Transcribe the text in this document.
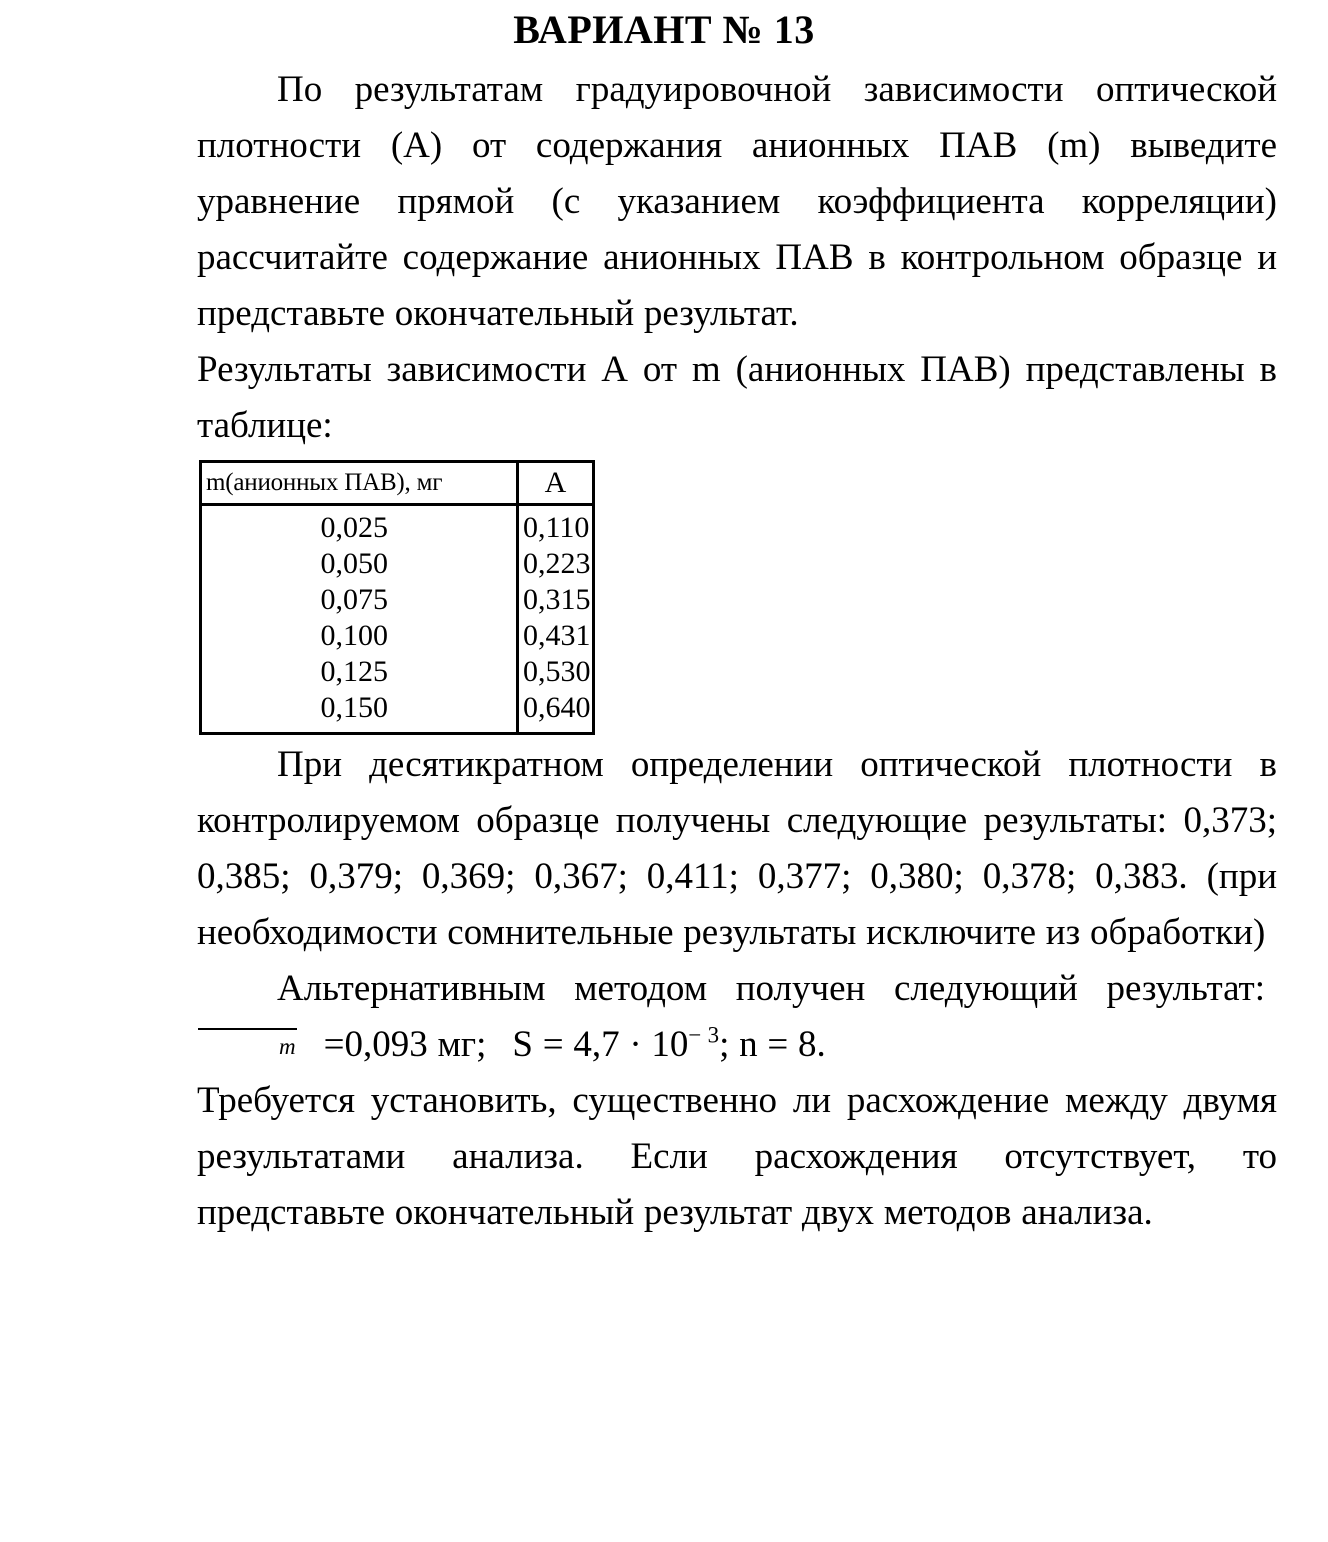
ВАРИАНТ № 13

По результатам градуировочной зависимости оптической плотности (А) от содержания анионных ПАВ (m) выведите уравнение прямой (с указанием коэффициента корреляции) рассчитайте содержание анионных ПАВ в контрольном образце и представьте окончательный результат.

Результаты зависимости А от m (анионных ПАВ) представлены в таблице:

m(анионных ПАВ), мг	А
0,025	0,110
0,050	0,223
0,075	0,315
0,100	0,431
0,125	0,530
0,150	0,640

При десятикратном определении оптической плотности в контролируемом образце получены следующие результаты: 0,373; 0,385; 0,379; 0,369; 0,367; 0,411; 0,377; 0,380; 0,378; 0,383. (при необходимости сомнительные результаты исключите из обработки)

Альтернативным методом получен следующий результат:m =0,093 мг; $S = 4,7 \cdot 10^{- 3}$; n = 8.

Требуется установить, существенно ли расхождение между двумя результатами анализа. Если расхождения отсутствует, то представьте окончательный результат двух методов анализа.
